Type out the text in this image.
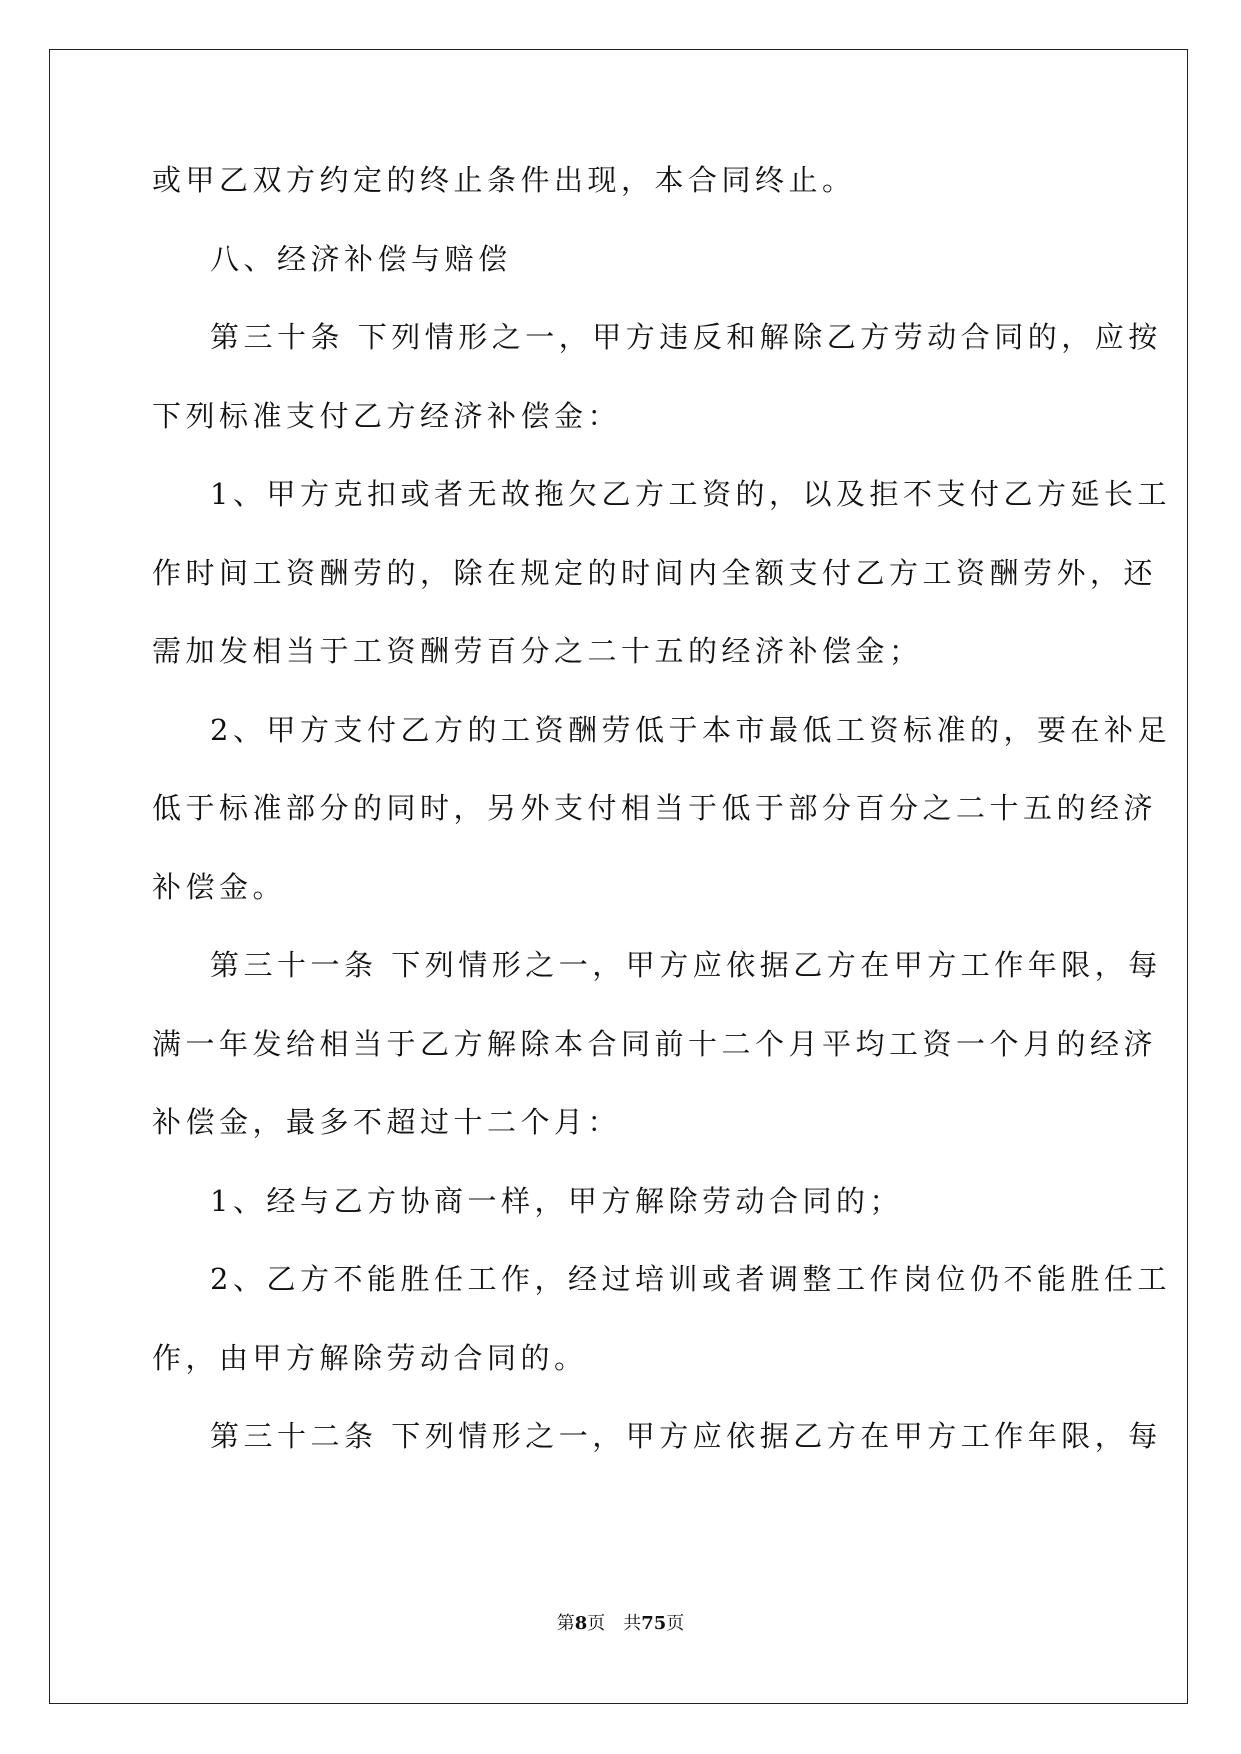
或甲乙双方约定的终止条件出现，本合同终止。
八、经济补偿与赔偿
第三十条 下列情形之一，甲方违反和解除乙方劳动合同的，应按
下列标准支付乙方经济补偿金：
1、甲方克扣或者无故拖欠乙方工资的，以及拒不支付乙方延长工
作时间工资酬劳的，除在规定的时间内全额支付乙方工资酬劳外，还
需加发相当于工资酬劳百分之二十五的经济补偿金；
2、甲方支付乙方的工资酬劳低于本市最低工资标准的，要在补足
低于标准部分的同时，另外支付相当于低于部分百分之二十五的经济
补偿金。
第三十一条 下列情形之一，甲方应依据乙方在甲方工作年限，每
满一年发给相当于乙方解除本合同前十二个月平均工资一个月的经济
补偿金，最多不超过十二个月：
1、经与乙方协商一样，甲方解除劳动合同的；
2、乙方不能胜任工作，经过培训或者调整工作岗位仍不能胜任工
作，由甲方解除劳动合同的。
第三十二条 下列情形之一，甲方应依据乙方在甲方工作年限，每
第8页 共75页
